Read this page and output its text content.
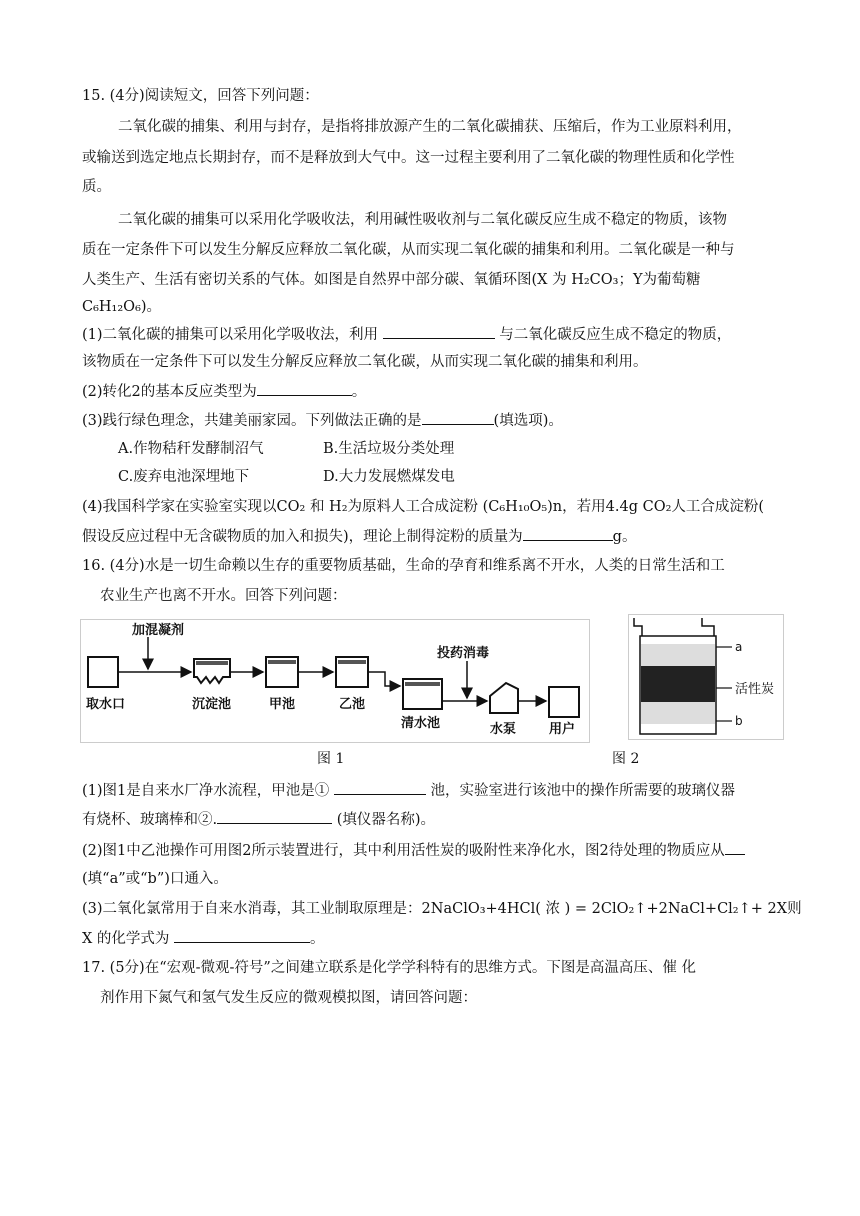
15. (4分)阅读短文，回答下列问题：
二氧化碳的捕集、利用与封存，是指将排放源产生的二氧化碳捕获、压缩后，作为工业原料利用，
或输送到选定地点长期封存，而不是释放到大气中。这一过程主要利用了二氧化碳的物理性质和化学性
质。
二氧化碳的捕集可以采用化学吸收法，利用碱性吸收剂与二氧化碳反应生成不稳定的物质，该物
质在一定条件下可以发生分解反应释放二氧化碳，从而实现二氧化碳的捕集和利用。二氧化碳是一种与
人类生产、生活有密切关系的气体。如图是自然界中部分碳、氧循环图(X 为 H₂CO₃；Y为葡萄糖
C₆H₁₂O₆)。
(1)二氧化碳的捕集可以采用化学吸收法，利用	与二氧化碳反应生成不稳定的物质，
该物质在一定条件下可以发生分解反应释放二氧化碳，从而实现二氧化碳的捕集和利用。
(2)转化2的基本反应类型为	。
(3)践行绿色理念，共建美丽家园。下列做法正确的是	(填选项)。
A.作物秸秆发酵制沼气	B.生活垃圾分类处理
C.废弃电池深埋地下	D.大力发展燃煤发电
(4)我国科学家在实验室实现以CO₂ 和 H₂为原料人工合成淀粉 (C₆H₁₀O₅)n，若用4.4g CO₂人工合成淀粉(
假设反应过程中无含碳物质的加入和损失)，理论上制得淀粉的质量为	g。
16. (4分)水是一切生命赖以生存的重要物质基础，生命的孕育和维系离不开水，人类的日常生活和工
农业生产也离不开水。回答下列问题：
加混凝剂
投药消毒
取水口	沉淀池	甲池	乙池
清水池	水泵	用户
a
活性炭
b
图 1	图 2
(1)图1是自来水厂净水流程，甲池是①	池，实验室进行该池中的操作所需要的玻璃仪器
有烧杯、玻璃棒和②.	(填仪器名称)。
(2)图1中乙池操作可用图2所示装置进行，其中利用活性炭的吸附性来净化水，图2待处理的物质应从
(填“a”或“b”)口通入。
(3)二氧化氯常用于自来水消毒，其工业制取原理是：2NaClO₃+4HCl( 浓 ) = 2ClO₂↑+2NaCl+Cl₂↑+ 2X则
X 的化学式为	。
17. (5分)在“宏观-微观-符号”之间建立联系是化学学科特有的思维方式。下图是高温高压、催 化
剂作用下氮气和氢气发生反应的微观模拟图，请回答问题：
